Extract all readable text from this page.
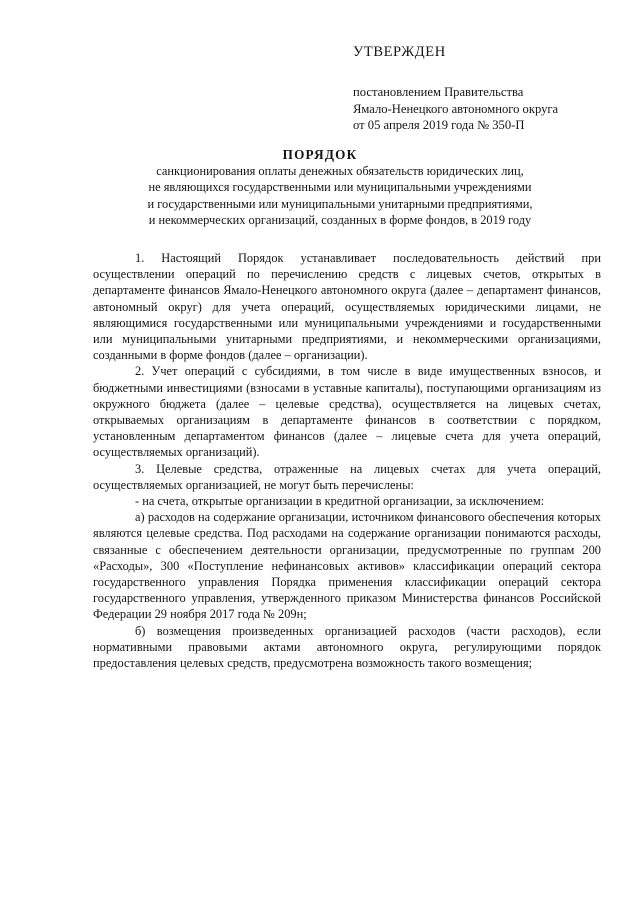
УТВЕРЖДЕН
постановлением Правительства
Ямало-Ненецкого автономного округа
от 05 апреля 2019 года № 350-П
ПОРЯДОК
санкционирования оплаты денежных обязательств юридических лиц,
не являющихся государственными или муниципальными учреждениями
и государственными или муниципальными унитарными предприятиями,
и некоммерческих организаций, созданных в форме фондов, в 2019 году

1. Настоящий Порядок устанавливает последовательность действий при осуществлении операций по перечислению средств с лицевых счетов, открытых в департаменте финансов Ямало-Ненецкого автономного округа (далее – департамент финансов, автономный округ) для учета операций, осуществляемых юридическими лицами, не являющимися государственными или муниципальными учреждениями и государственными или муниципальными унитарными предприятиями, и некоммерческими организациями, созданными в форме фондов (далее – организации).

2. Учет операций с субсидиями, в том числе в виде имущественных взносов, и бюджетными инвестициями (взносами в уставные капиталы), поступающими организациям из окружного бюджета (далее – целевые средства), осуществляется на лицевых счетах, открываемых организациям в департаменте финансов в соответствии с порядком, установленным департаментом финансов (далее – лицевые счета для учета операций, осуществляемых организаций).

3. Целевые средства, отраженные на лицевых счетах для учета операций, осуществляемых организацией, не могут быть перечислены:

- на счета, открытые организации в кредитной организации, за исключением:

а) расходов на содержание организации, источником финансового обеспечения которых являются целевые средства. Под расходами на содержание организации понимаются расходы, связанные с обеспечением деятельности организации, предусмотренные по группам 200 «Расходы», 300 «Поступление нефинансовых активов» классификации операций сектора государственного управления Порядка применения классификации операций сектора государственного управления, утвержденного приказом Министерства финансов Российской Федерации 29 ноября 2017 года № 209н;

б) возмещения произведенных организацией расходов (части расходов), если нормативными правовыми актами автономного округа, регулирующими порядок предоставления целевых средств, предусмотрена возможность такого возмещения;
